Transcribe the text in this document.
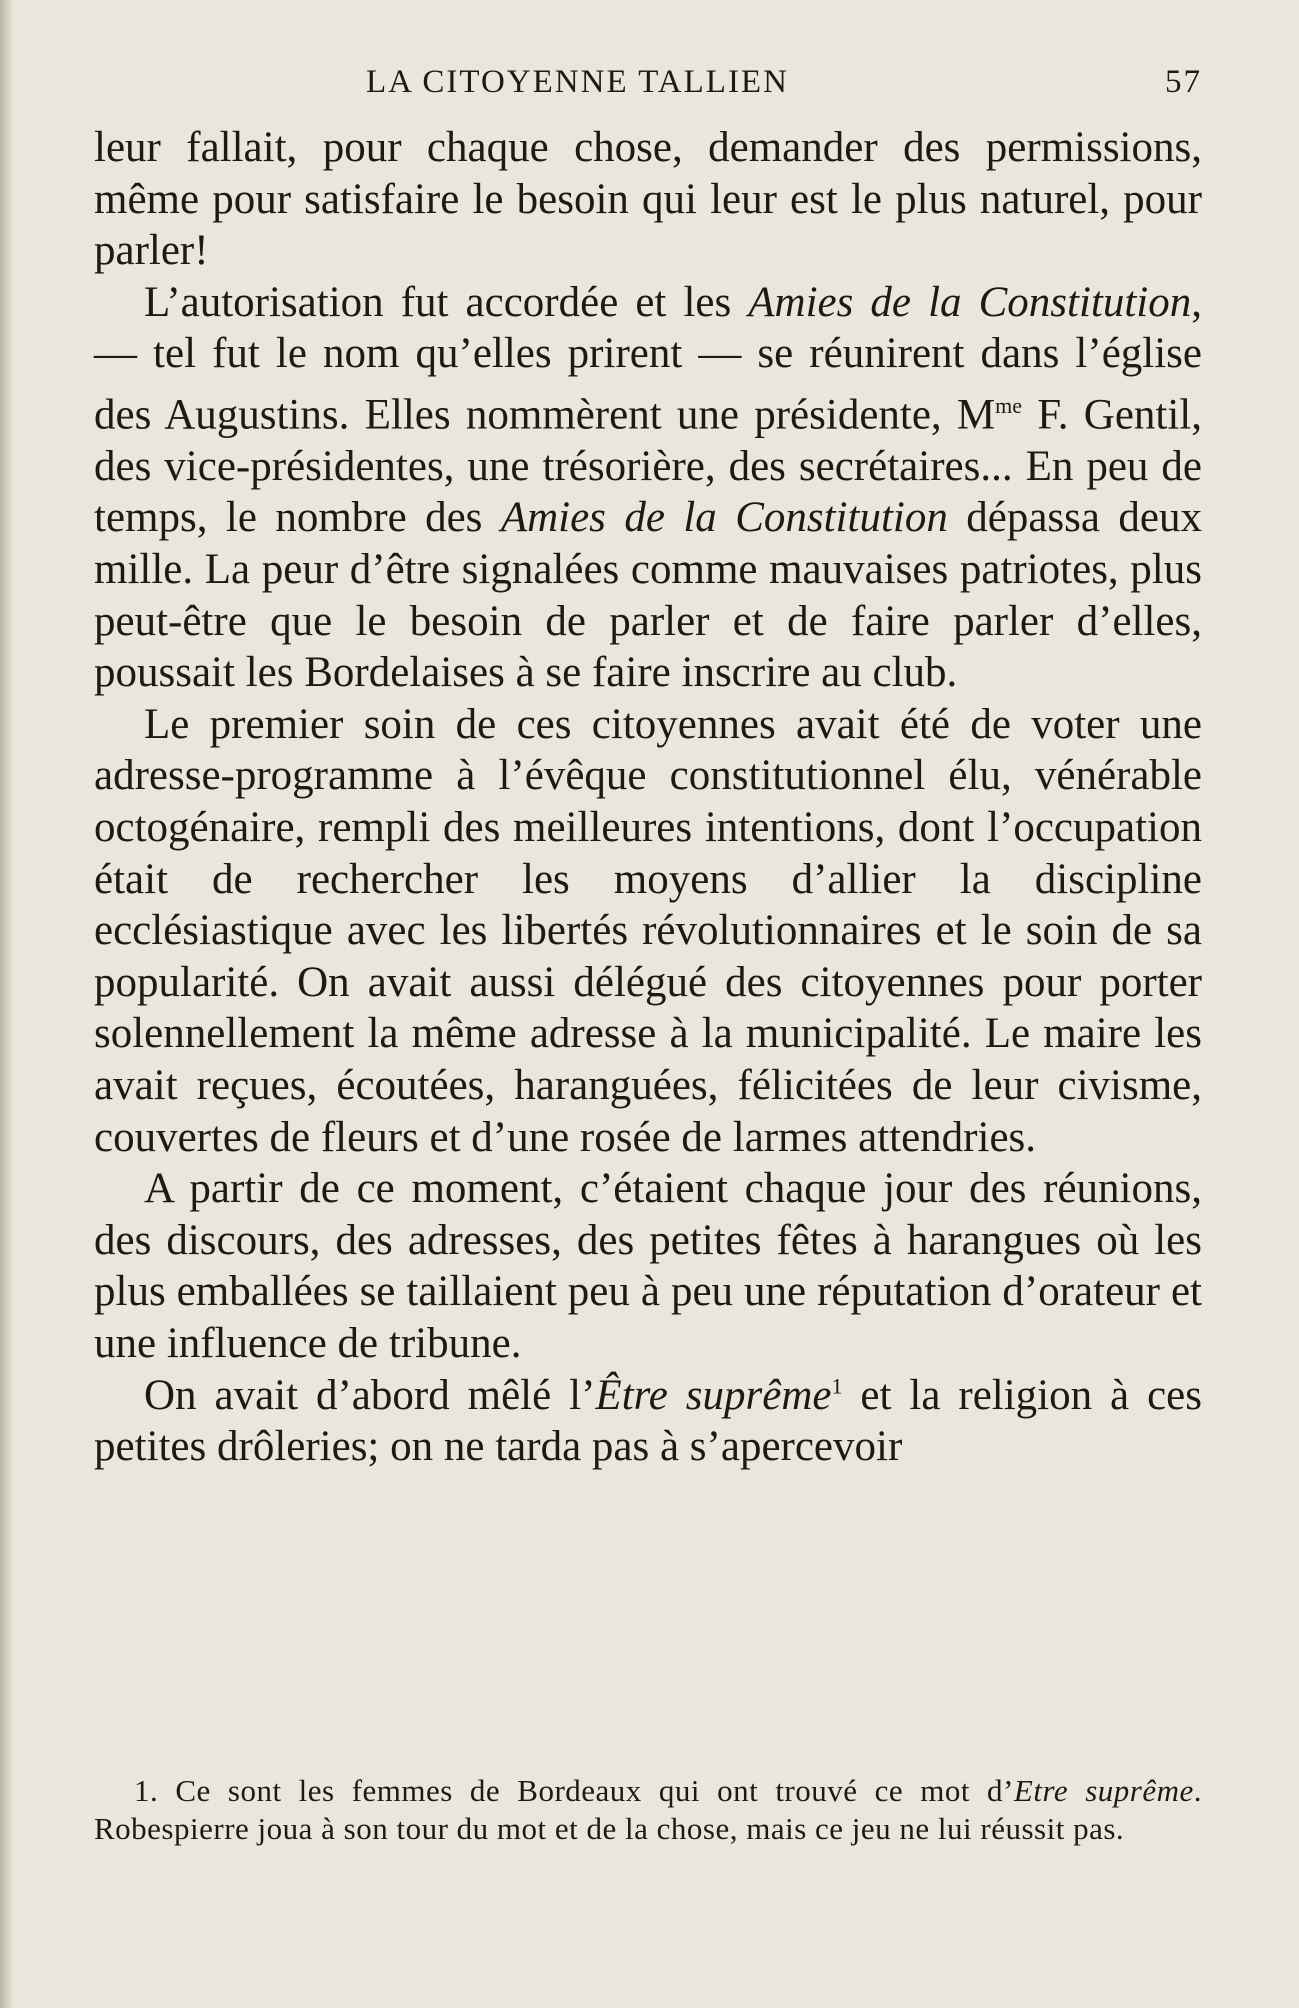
LA CITOYENNE TALLIEN	57

leur fallait, pour chaque chose, demander des permissions, même pour satisfaire le besoin qui leur est le plus naturel, pour parler!

L’autorisation fut accordée et les Amies de la Constitution, — tel fut le nom qu’elles prirent — se réunirent dans l’église des Augustins. Elles nommèrent une présidente, $M^{me}$ F. Gentil, des vice-présidentes, une trésorière, des secrétaires... En peu de temps, le nombre des Amies de la Constitution dépassa deux mille. La peur d’être signalées comme mauvaises patriotes, plus peut-être que le besoin de parler et de faire parler d’elles, poussait les Bordelaises à se faire inscrire au club.

Le premier soin de ces citoyennes avait été de voter une adresse-programme à l’évêque constitutionnel élu, vénérable octogénaire, rempli des meilleures intentions, dont l’occupation était de rechercher les moyens d’allier la discipline ecclésiastique avec les libertés révolutionnaires et le soin de sa popularité. On avait aussi délégué des citoyennes pour porter solennellement la même adresse à la municipalité. Le maire les avait reçues, écoutées, haranguées, félicitées de leur civisme, couvertes de fleurs et d’une rosée de larmes attendries.

A partir de ce moment, c’étaient chaque jour des réunions, des discours, des adresses, des petites fêtes à harangues où les plus emballées se taillaient peu à peu une réputation d’orateur et une influence de tribune.

On avait d’abord mêlé l’Être suprême$^1$ et la religion à ces petites drôleries; on ne tarda pas à s’apercevoir

1. Ce sont les femmes de Bordeaux qui ont trouvé ce mot d’Etre suprême. Robespierre joua à son tour du mot et de la chose, mais ce jeu ne lui réussit pas.
